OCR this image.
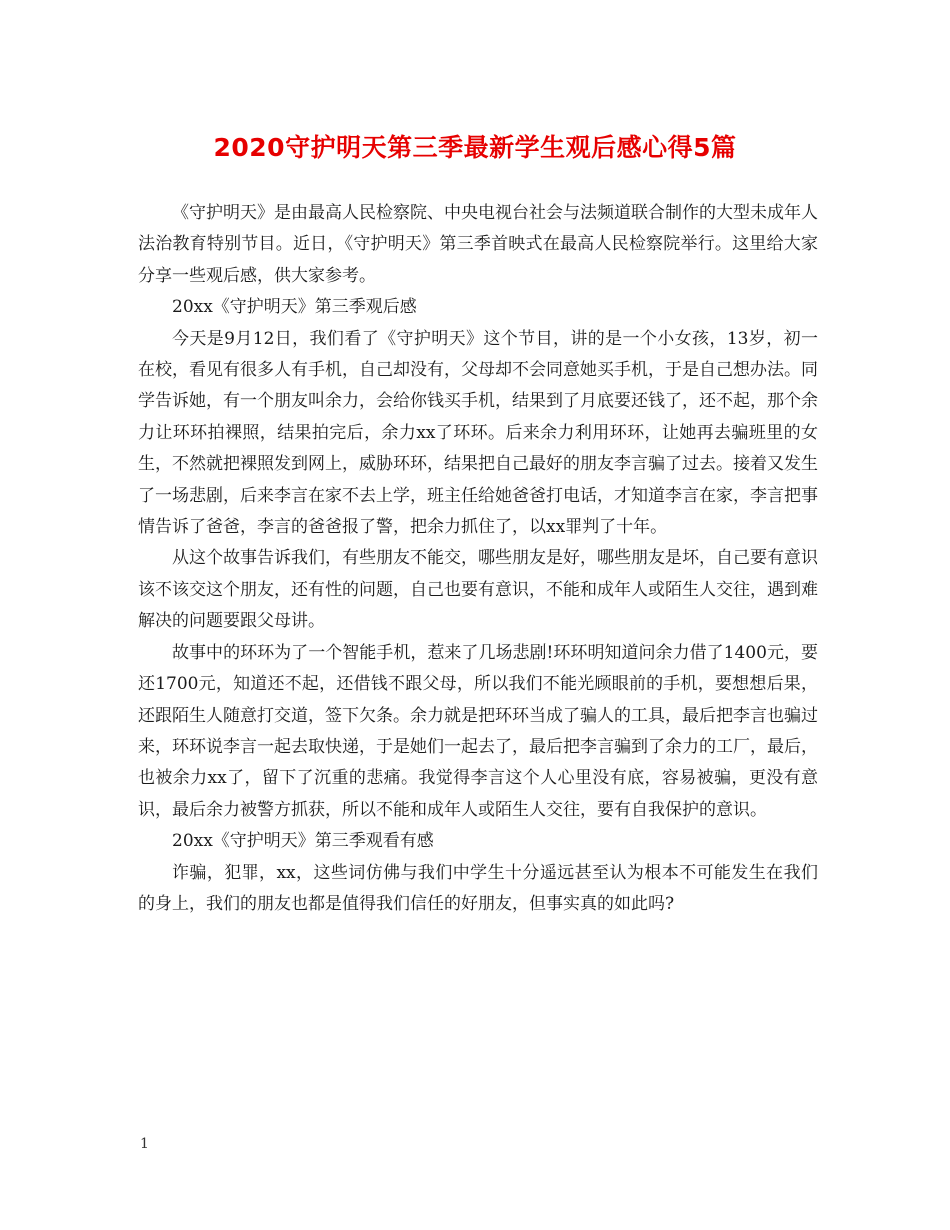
2020守护明天第三季最新学生观后感心得5篇

《守护明天》是由最高人民检察院、中央电视台社会与法频道联合制作的大型未成年人法治教育特别节目。近日，《守护明天》第三季首映式在最高人民检察院举行。这里给大家分享一些观后感，供大家参考。

20xx《守护明天》第三季观后感

今天是9月12日，我们看了《守护明天》这个节目，讲的是一个小女孩，13岁，初一在校，看见有很多人有手机，自己却没有，父母却不会同意她买手机，于是自己想办法。同学告诉她，有一个朋友叫余力，会给你钱买手机，结果到了月底要还钱了，还不起，那个余力让环环拍裸照，结果拍完后，余力xx了环环。后来余力利用环环，让她再去骗班里的女生，不然就把裸照发到网上，威胁环环，结果把自己最好的朋友李言骗了过去。接着又发生了一场悲剧，后来李言在家不去上学，班主任给她爸爸打电话，才知道李言在家，李言把事情告诉了爸爸，李言的爸爸报了警，把余力抓住了，以xx罪判了十年。

从这个故事告诉我们，有些朋友不能交，哪些朋友是好，哪些朋友是坏，自己要有意识该不该交这个朋友，还有性的问题，自己也要有意识，不能和成年人或陌生人交往，遇到难解决的问题要跟父母讲。

故事中的环环为了一个智能手机，惹来了几场悲剧!环环明知道问余力借了1400元，要还1700元，知道还不起，还借钱不跟父母，所以我们不能光顾眼前的手机，要想想后果，还跟陌生人随意打交道，签下欠条。余力就是把环环当成了骗人的工具，最后把李言也骗过来，环环说李言一起去取快递，于是她们一起去了，最后把李言骗到了余力的工厂，最后，也被余力xx了，留下了沉重的悲痛。我觉得李言这个人心里没有底，容易被骗，更没有意识，最后余力被警方抓获，所以不能和成年人或陌生人交往，要有自我保护的意识。

20xx《守护明天》第三季观看有感

诈骗，犯罪，xx，这些词仿佛与我们中学生十分遥远甚至认为根本不可能发生在我们的身上，我们的朋友也都是值得我们信任的好朋友，但事实真的如此吗?

1
